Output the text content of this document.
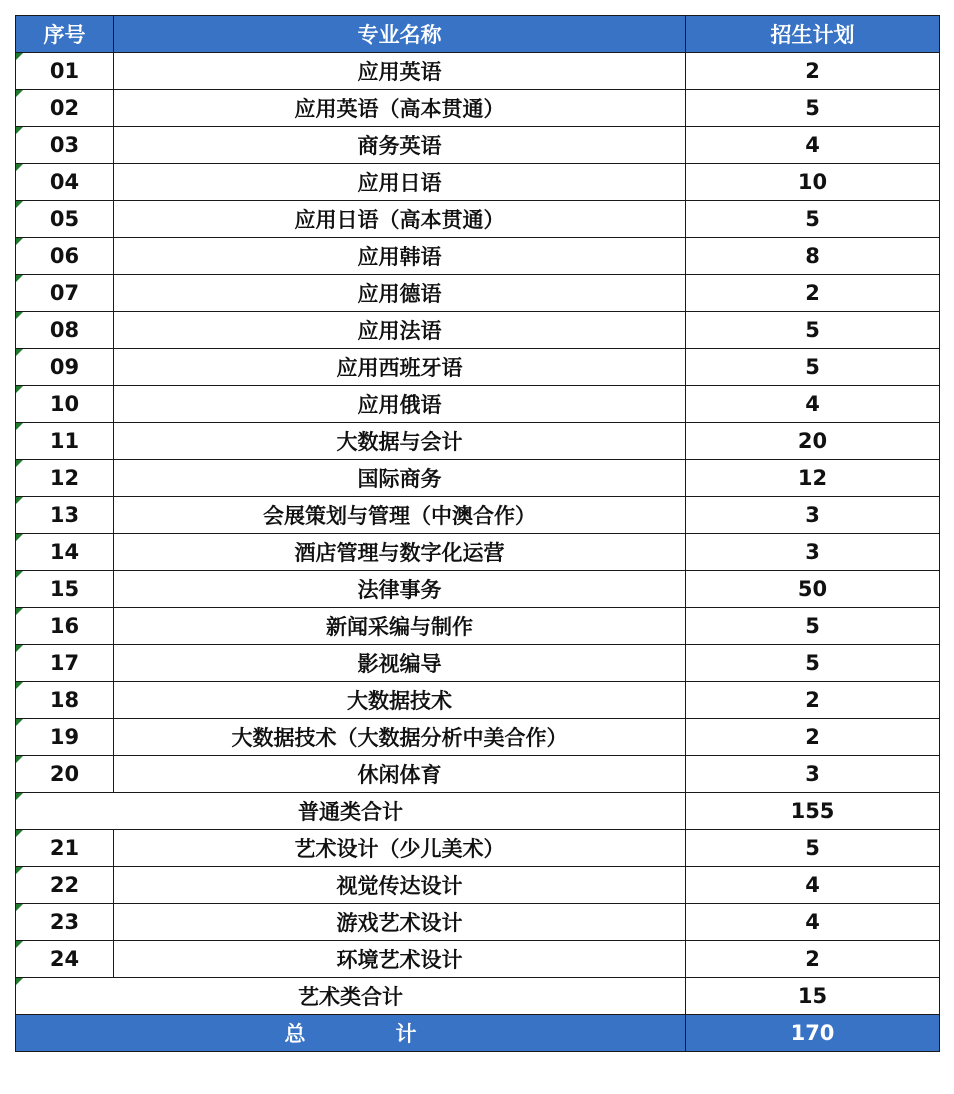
序号	专业名称	招生计划

01	应用英语	2

02	应用英语（高本贯通）	5

03	商务英语	4

04	应用日语	10

05	应用日语（高本贯通）	5

06	应用韩语	8

07	应用德语	2

08	应用法语	5

09	应用西班牙语	5

10	应用俄语	4

11	大数据与会计	20

12	国际商务	12

13	会展策划与管理（中澳合作）	3

14	酒店管理与数字化运营	3

15	法律事务	50

16	新闻采编与制作	5

17	影视编导	5

18	大数据技术	2

19	大数据技术（大数据分析中美合作）	2

20	休闲体育	3

普通类合计		155

21	艺术设计（少儿美术）	5

22	视觉传达设计	4

23	游戏艺术设计	4

24	环境艺术设计	2

艺术类合计		15
总 计		170
